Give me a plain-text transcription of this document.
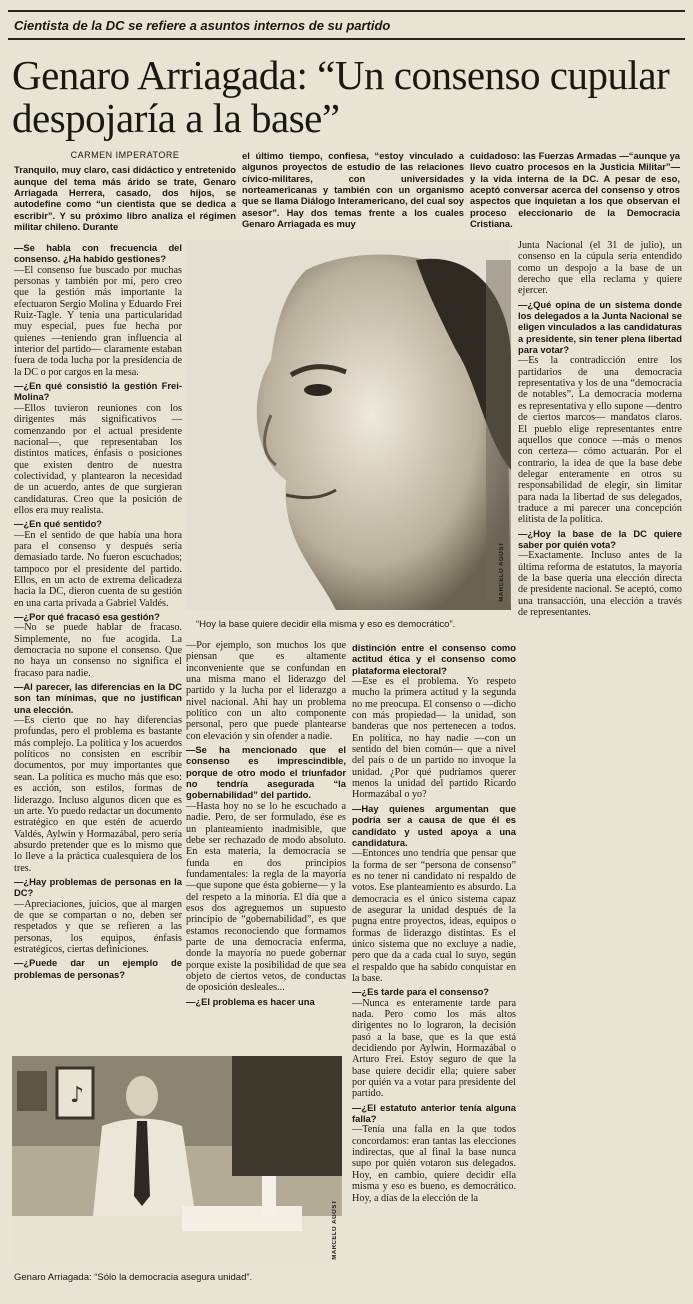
Cientista de la DC se refiere a asuntos internos de su partido
Genaro Arriagada: “Un consenso cupular despojaría a la base”
CARMEN IMPERATORE

Tranquilo, muy claro, casi didáctico y entretenido aunque del tema más árido se trate, Genaro Arriagada Herrera, casado, dos hijos, se autodefine como “un cientista que se dedica a escribir”. Y su próximo libro analiza el régimen militar chileno. Durante

el último tiempo, confiesa, “estoy vinculado a algunos proyectos de estudio de las relaciones cívico-militares, con universidades norteamericanas y también con un organismo que se llama Diálogo Interamericano, del cual soy asesor”. Hay dos temas frente a los cuales Genaro Arriagada es muy

cuidadoso: las Fuerzas Armadas —“aunque ya llevo cuatro procesos en la Justicia Militar”— y la vida interna de la DC. A pesar de eso, aceptó conversar acerca del consenso y otros aspectos que inquietan a los que observan el proceso eleccionario de la Democracia Cristiana.

—Se habla con frecuencia del consenso. ¿Ha habido gestiones?

—El consenso fue buscado por muchas personas y también por mí, pero creo que la gestión más importante la efectuaron Sergio Molina y Eduardo Frei Ruiz-Tagle. Y tenía una particularidad muy especial, pues fue hecha por quienes —teniendo gran influencia al interior del partido— claramente estaban fuera de toda lucha por la presidencia de la DC o por cargos en la mesa.

—¿En qué consistió la gestión Frei-Molina?

—Ellos tuvieron reuniones con los dirigentes más significativos —comenzando por el actual presidente nacional—, que representaban los distintos matices, énfasis o posiciones que existen dentro de nuestra colectividad, y plantearon la necesidad de un acuerdo, antes de que surgieran candidaturas. Creo que la posición de ellos era muy realista.

—¿En qué sentido?

—En el sentido de que había una hora para el consenso y después sería demasiado tarde. No fueron escuchados; tampoco por el presidente del partido. Ellos, en un acto de extrema delicadeza hacia la DC, dieron cuenta de su gestión en una carta privada a Gabriel Valdés.

—¿Por qué fracasó esa gestión?

—No se puede hablar de fracaso. Simplemente, no fue acogida. La democracia no supone el consenso. Que no haya un consenso no significa el fracaso para nadie.

—Al parecer, las diferencias en la DC son tan mínimas, que no justifican una elección.

—Es cierto que no hay diferencias profundas, pero el problema es bastante más complejo. La política y los acuerdos políticos no consisten en escribir documentos, por muy importantes que sean. La política es mucho más que eso: es acción, son estilos, formas de liderazgo. Incluso algunos dicen que es un arte. Yo puedo redactar un documento estratégico en que estén de acuerdo Valdés, Aylwin y Hormazábal, pero sería absurdo pretender que es lo mismo que lo lleve a la práctica cualesquiera de los tres.

—¿Hay problemas de personas en la DC?

—Apreciaciones, juicios, que al margen de que se compartan o no, deben ser respetados y que se refieren a las personas, los equipos, énfasis estratégicos, ciertas definiciones.

—¿Puede dar un ejemplo de problemas de personas?

MARCELO AGOST
“Hoy la base quiere decidir ella misma y eso es democrático”.

Junta Nacional (el 31 de julio), un consenso en la cúpula sería entendido como un despojo a la base de un derecho que ella reclama y quiere ejercer.

—¿Qué opina de un sistema donde los delegados a la Junta Nacional se eligen vinculados a las candidaturas a presidente, sin tener plena libertad para votar?

—Es la contradicción entre los partidarios de una democracia representativa y los de una “democracia de notables”. La democracia moderna es representativa y ello supone —dentro de ciertos marcos— mandatos claros. El pueblo elige representantes entre aquellos que conoce —más o menos con certeza— cómo actuarán. Por el contrario, la idea de que la base debe delegar enteramente en otros su responsabilidad de elegir, sin limitar para nada la libertad de sus delegados, traduce a mi parecer una concepción elitista de la política.

—¿Hoy la base de la DC quiere saber por quién vota?

—Exactamente. Incluso antes de la última reforma de estatutos, la mayoría de la base quería una elección directa de presidente nacional. Se aceptó, como una transacción, una elección a través de representantes.

—Por ejemplo, son muchos los que piensan que es altamente inconveniente que se confundan en una misma mano el liderazgo del partido y la lucha por el liderazgo a nivel nacional. Ahí hay un problema político con un alto componente personal, pero que puede plantearse con elevación y sin ofender a nadie.

—Se ha mencionado que el consenso es imprescindible, porque de otro modo el triunfador no tendría asegurada “la gobernabilidad” del partido.

—Hasta hoy no se lo he escuchado a nadie. Pero, de ser formulado, ése es un planteamiento inadmisible, que debe ser rechazado de modo absoluto. En esta materia, la democracia se funda en dos principios fundamentales: la regla de la mayoría —que supone que ésta gobierne— y la del respeto a la minoría. El día que a esos dos agreguemos un supuesto principio de “gobernabilidad”, es que estamos reconociendo que formamos parte de una democracia enferma, donde la mayoría no puede gobernar porque existe la posibilidad de que sea objeto de ciertos vetos, de conductas de oposición desleales...

—¿El problema es hacer una

distinción entre el consenso como actitud ética y el consenso como plataforma electoral?

—Ese es el problema. Yo respeto mucho la primera actitud y la segunda no me preocupa. El consenso o —dicho con más propiedad— la unidad, son banderas que nos pertenecen a todos. En política, no hay nadie —con un sentido del bien común— que a nivel del país o de un partido no invoque la unidad. ¿Por qué pudríamos querer menos la unidad del partido Ricardo Hormazábal o yo?

—Hay quienes argumentan que podría ser a causa de que él es candidato y usted apoya a una candidatura.

—Entonces uno tendría que pensar que la forma de ser “persona de consenso” es no tener ni candidato ni respaldo de votos. Ese planteamiento es absurdo. La democracia es el único sistema capaz de asegurar la unidad después de la pugna entre proyectos, ideas, equipos o formas de liderazgo distintas. Es el único sistema que no excluye a nadie, pero que da a cada cual lo suyo, según el respaldo que ha sabido conquistar en la base.

—¿Es tarde para el consenso?

—Nunca es enteramente tarde para nada. Pero como los más altos dirigentes no lo lograron, la decisión pasó a la base, que es la que está decidiendo por Aylwin, Hormazábal o Arturo Frei. Estoy seguro de que la base quiere decidir ella; quiere saber por quién va a votar para presidente del partido.

—¿El estatuto anterior tenía alguna falla?

—Tenía una falla en la que todos concordamos: eran tantas las elecciones indirectas, que al final la base nunca supo por quién votaron sus delegados. Hoy, en cambio, quiere decidir ella misma y eso es bueno, es democrático. Hoy, a días de la elección de la

♪
MARCELO AGOST
Genaro Arriagada: “Sólo la democracia asegura unidad”.
